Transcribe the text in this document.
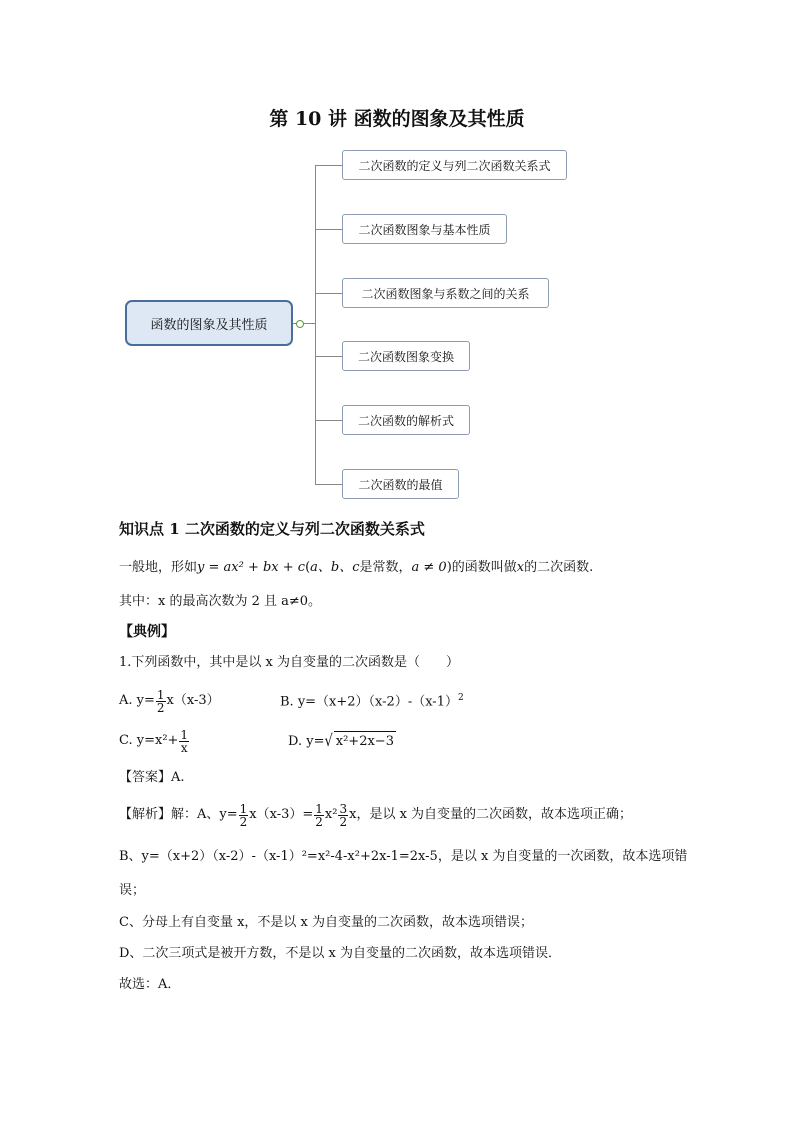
第 10 讲 函数的图象及其性质
函数的图象及其性质
二次函数的定义与列二次函数关系式
二次函数图象与基本性质
二次函数图象与系数之间的关系
二次函数图象变换
二次函数的解析式
二次函数的最值
知识点 1 二次函数的定义与列二次函数关系式
一般地，形如y = ax² + bx + c(a、b、c是常数，a ≠ 0)的函数叫做x的二次函数.
其中：x 的最高次数为 2 且 a≠0。
【典例】
1.下列函数中，其中是以 x 为自变量的二次函数是（　　）
A. $y= \frac{1}{2} x(x-3)$	B. $y=(x+2)(x-2)-(x-1)^2$
C. $y=x^2+ \frac{1}{x}$	D. y=√ x²+2x−3
【答案】A.
【解析】解：A、$y= \frac{1}{2} x(x-3)= \frac{1}{2} x^2 \frac{3}{2}$ x，是以 x 为自变量的二次函数，故本选项正确；
B、y=（x+2）（x-2）-（x-1）²=x²-4-x²+2x-1=2x-5，是以 x 为自变量的一次函数，故本选项错
误；
C、分母上有自变量 x，不是以 x 为自变量的二次函数，故本选项错误；
D、二次三项式是被开方数，不是以 x 为自变量的二次函数，故本选项错误．
故选：A．
